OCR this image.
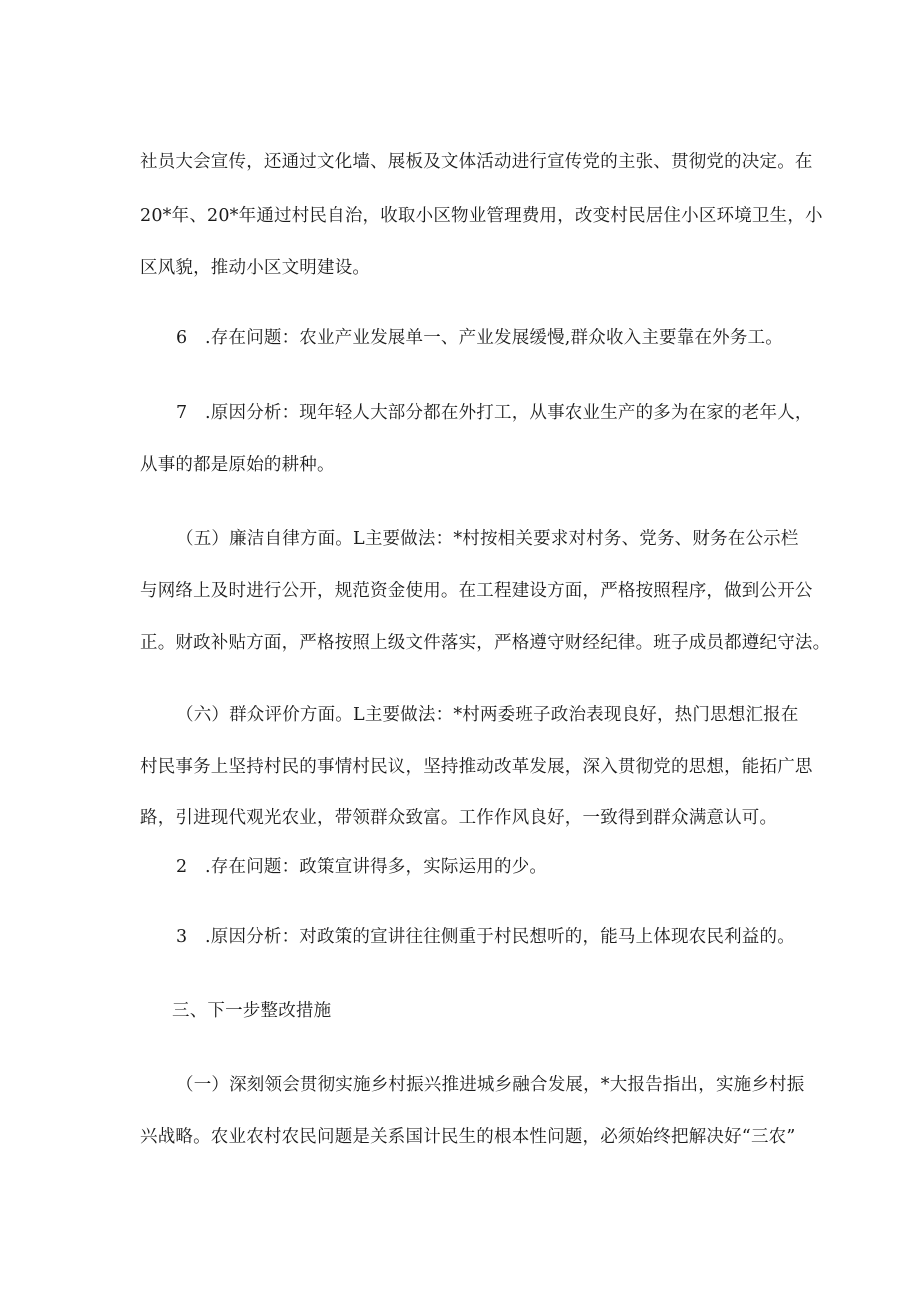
社员大会宣传，还通过文化墙、展板及文体活动进行宣传党的主张、贯彻党的决定。在
20*年、20*年通过村民自治，收取小区物业管理费用，改变村民居住小区环境卫生，小
区风貌，推动小区文明建设。
6　.存在问题：农业产业发展单一、产业发展缓慢,群众收入主要靠在外务工。
7　.原因分析：现年轻人大部分都在外打工，从事农业生产的多为在家的老年人，
从事的都是原始的耕种。
（五）廉洁自律方面。L主要做法：*村按相关要求对村务、党务、财务在公示栏
与网络上及时进行公开，规范资金使用。在工程建设方面，严格按照程序，做到公开公
正。财政补贴方面，严格按照上级文件落实，严格遵守财经纪律。班子成员都遵纪守法。
（六）群众评价方面。L主要做法：*村两委班子政治表现良好，热门思想汇报在
村民事务上坚持村民的事情村民议，坚持推动改革发展，深入贯彻党的思想，能拓广思
路，引进现代观光农业，带领群众致富。工作作风良好，一致得到群众满意认可。
2　.存在问题：政策宣讲得多，实际运用的少。
3　.原因分析：对政策的宣讲往往侧重于村民想听的，能马上体现农民利益的。
三、下一步整改措施
（一）深刻领会贯彻实施乡村振兴推进城乡融合发展，*大报告指出，实施乡村振
兴战略。农业农村农民问题是关系国计民生的根本性问题，必须始终把解决好“三农”
